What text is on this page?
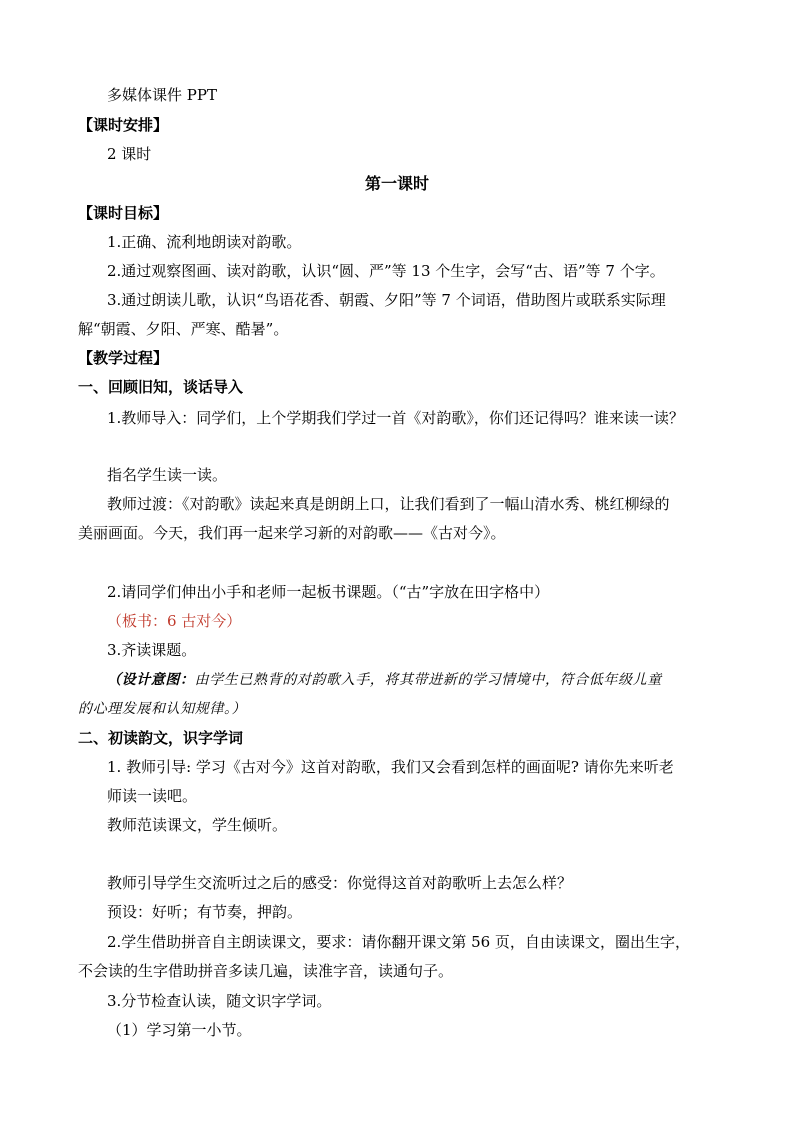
多媒体课件 PPT
【课时安排】
2 课时
第一课时
【课时目标】
1.正确、流利地朗读对韵歌。
2.通过观察图画、读对韵歌，认识“圆、严”等 13 个生字，会写“古、语”等 7 个字。
3.通过朗读儿歌，认识“鸟语花香、朝霞、夕阳”等 7 个词语，借助图片或联系实际理
解“朝霞、夕阳、严寒、酷暑”。
【教学过程】
一、回顾旧知，谈话导入
1.教师导入：同学们，上个学期我们学过一首《对韵歌》，你们还记得吗？谁来读一读？
指名学生读一读。
教师过渡：《对韵歌》读起来真是朗朗上口，让我们看到了一幅山清水秀、桃红柳绿的
美丽画面。今天，我们再一起来学习新的对韵歌——《古对今》。
2.请同学们伸出小手和老师一起板书课题。（“古”字放在田字格中）
（板书：6 古对今）
3.齐读课题。
（设计意图：由学生已熟背的对韵歌入手，将其带进新的学习情境中，符合低年级儿童
的心理发展和认知规律。）
二、初读韵文，识字学词
1. 教师引导: 学习《古对今》这首对韵歌，我们又会看到怎样的画面呢? 请你先来听老
师读一读吧。
教师范读课文，学生倾听。
教师引导学生交流听过之后的感受：你觉得这首对韵歌听上去怎么样？
预设：好听；有节奏，押韵。
2.学生借助拼音自主朗读课文，要求：请你翻开课文第 56 页，自由读课文，圈出生字，
不会读的生字借助拼音多读几遍，读准字音，读通句子。
3.分节检查认读，随文识字学词。
（1）学习第一小节。
